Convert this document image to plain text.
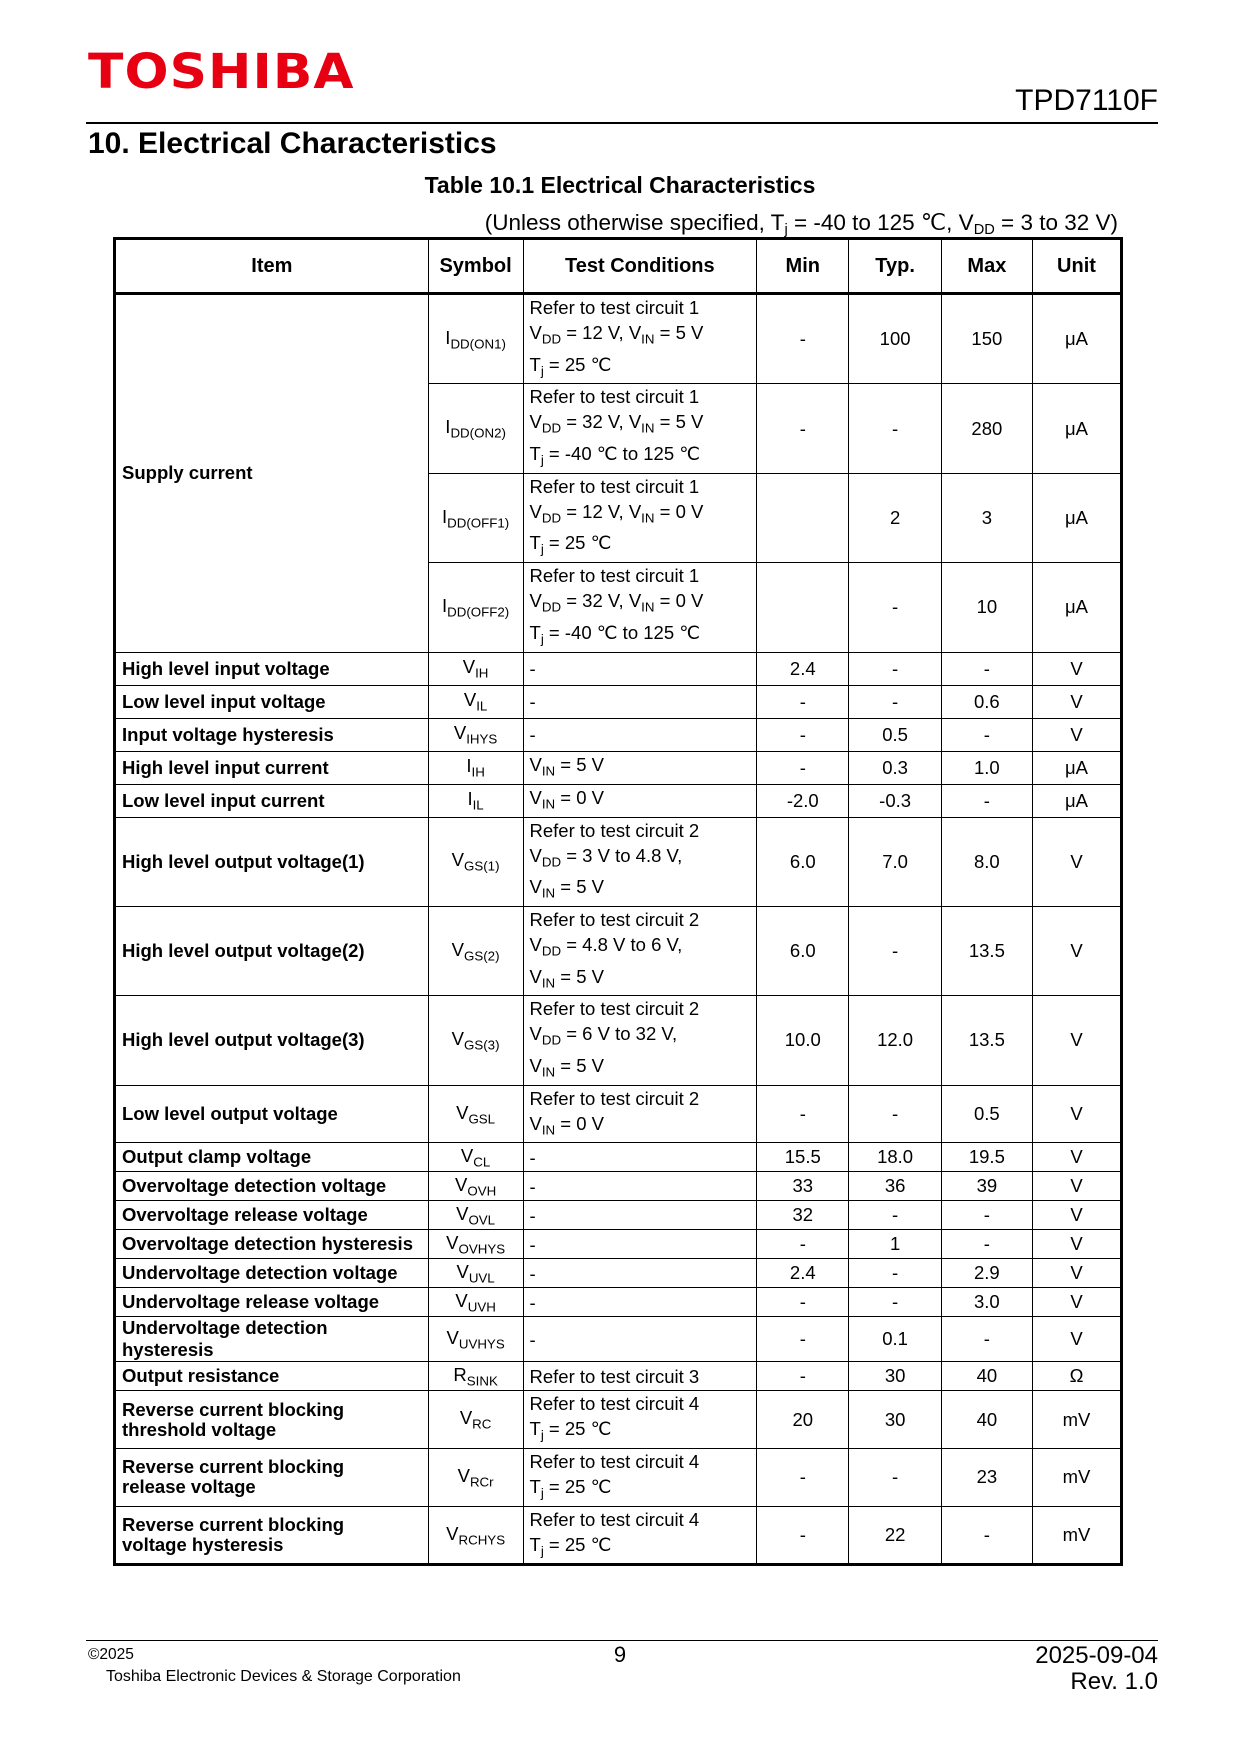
TOSHIBA
TPD7110F
10. Electrical Characteristics
Table 10.1 Electrical Characteristics
(Unless otherwise specified, $T_j = -40$ to 125 ℃, $V_{DD} = 3$ to 32 V)
Item	Symbol	Test Conditions	Min	Typ.	Max	Unit
Supply current	$I_{DD(ON1)}$	Refer to test circuit 1
$V_{DD} = 12$ V, $V_{IN} = 5$ V
$T_j = 25$ ℃	-	100	150	μA
	$I_{DD(ON2)}$	Refer to test circuit 1
$V_{DD} = 32$ V, $V_{IN} = 5$ V
$T_j = -40$ ℃ to 125 ℃	-	-	280	μA
	$I_{DD(OFF1)}$	Refer to test circuit 1
$V_{DD} = 12$ V, $V_{IN} = 0$ V
$T_j = 25$ ℃		2	3	μA
	$I_{DD(OFF2)}$	Refer to test circuit 1
$V_{DD} = 32$ V, $V_{IN} = 0$ V
$T_j = -40$ ℃ to 125 ℃		-	10	μA
High level input voltage	$V_{IH}$	-	2.4	-	-	V
Low level input voltage	$V_{IL}$	-	-	-	0.6	V
Input voltage hysteresis	$V_{IHYS}$	-	-	0.5	-	V
High level input current	$I_{IH}$	$V_{IN} = 5$ V	-	0.3	1.0	μA
Low level input current	$I_{IL}$	$V_{IN} = 0$ V	-2.0	-0.3	-	μA
High level output voltage(1)	$V_{GS(1)}$	Refer to test circuit 2
$V_{DD} = 3$ V to 4.8 V,
$V_{IN} = 5$ V	6.0	7.0	8.0	V
High level output voltage(2)	$V_{GS(2)}$	Refer to test circuit 2
$V_{DD} = 4.8$ V to 6 V,
$V_{IN} = 5$ V	6.0	-	13.5	V
High level output voltage(3)	$V_{GS(3)}$	Refer to test circuit 2
$V_{DD} = 6$ V to 32 V,
$V_{IN} = 5$ V	10.0	12.0	13.5	V
Low level output voltage	$V_{GSL}$	Refer to test circuit 2
$V_{IN} = 0$ V	-	-	0.5	V
Output clamp voltage	$V_{CL}$	-	15.5	18.0	19.5	V
Overvoltage detection voltage	$V_{OVH}$	-	33	36	39	V
Overvoltage release voltage	$V_{OVL}$	-	32	-	-	V
Overvoltage detection hysteresis	$V_{OVHYS}$	-	-	1	-	V
Undervoltage detection voltage	$V_{UVL}$	-	2.4	-	2.9	V
Undervoltage release voltage	$V_{UVH}$	-	-	-	3.0	V
Undervoltage detection hysteresis	$V_{UVHYS}$	-	-	0.1	-	V
Output resistance	$R_{SINK}$	Refer to test circuit 3	-	30	40	Ω
Reverse current blocking
threshold voltage	$V_{RC}$	Refer to test circuit 4
$T_j = 25$ ℃	20	30	40	mV
Reverse current blocking
release voltage	$V_{RCr}$	Refer to test circuit 4
$T_j = 25$ ℃	-	-	23	mV
Reverse current blocking
voltage hysteresis	$V_{RCHYS}$	Refer to test circuit 4
$T_j = 25$ ℃	-	22	-	mV
©2025
Toshiba Electronic Devices & Storage Corporation
9	2025-09-04
Rev. 1.0
